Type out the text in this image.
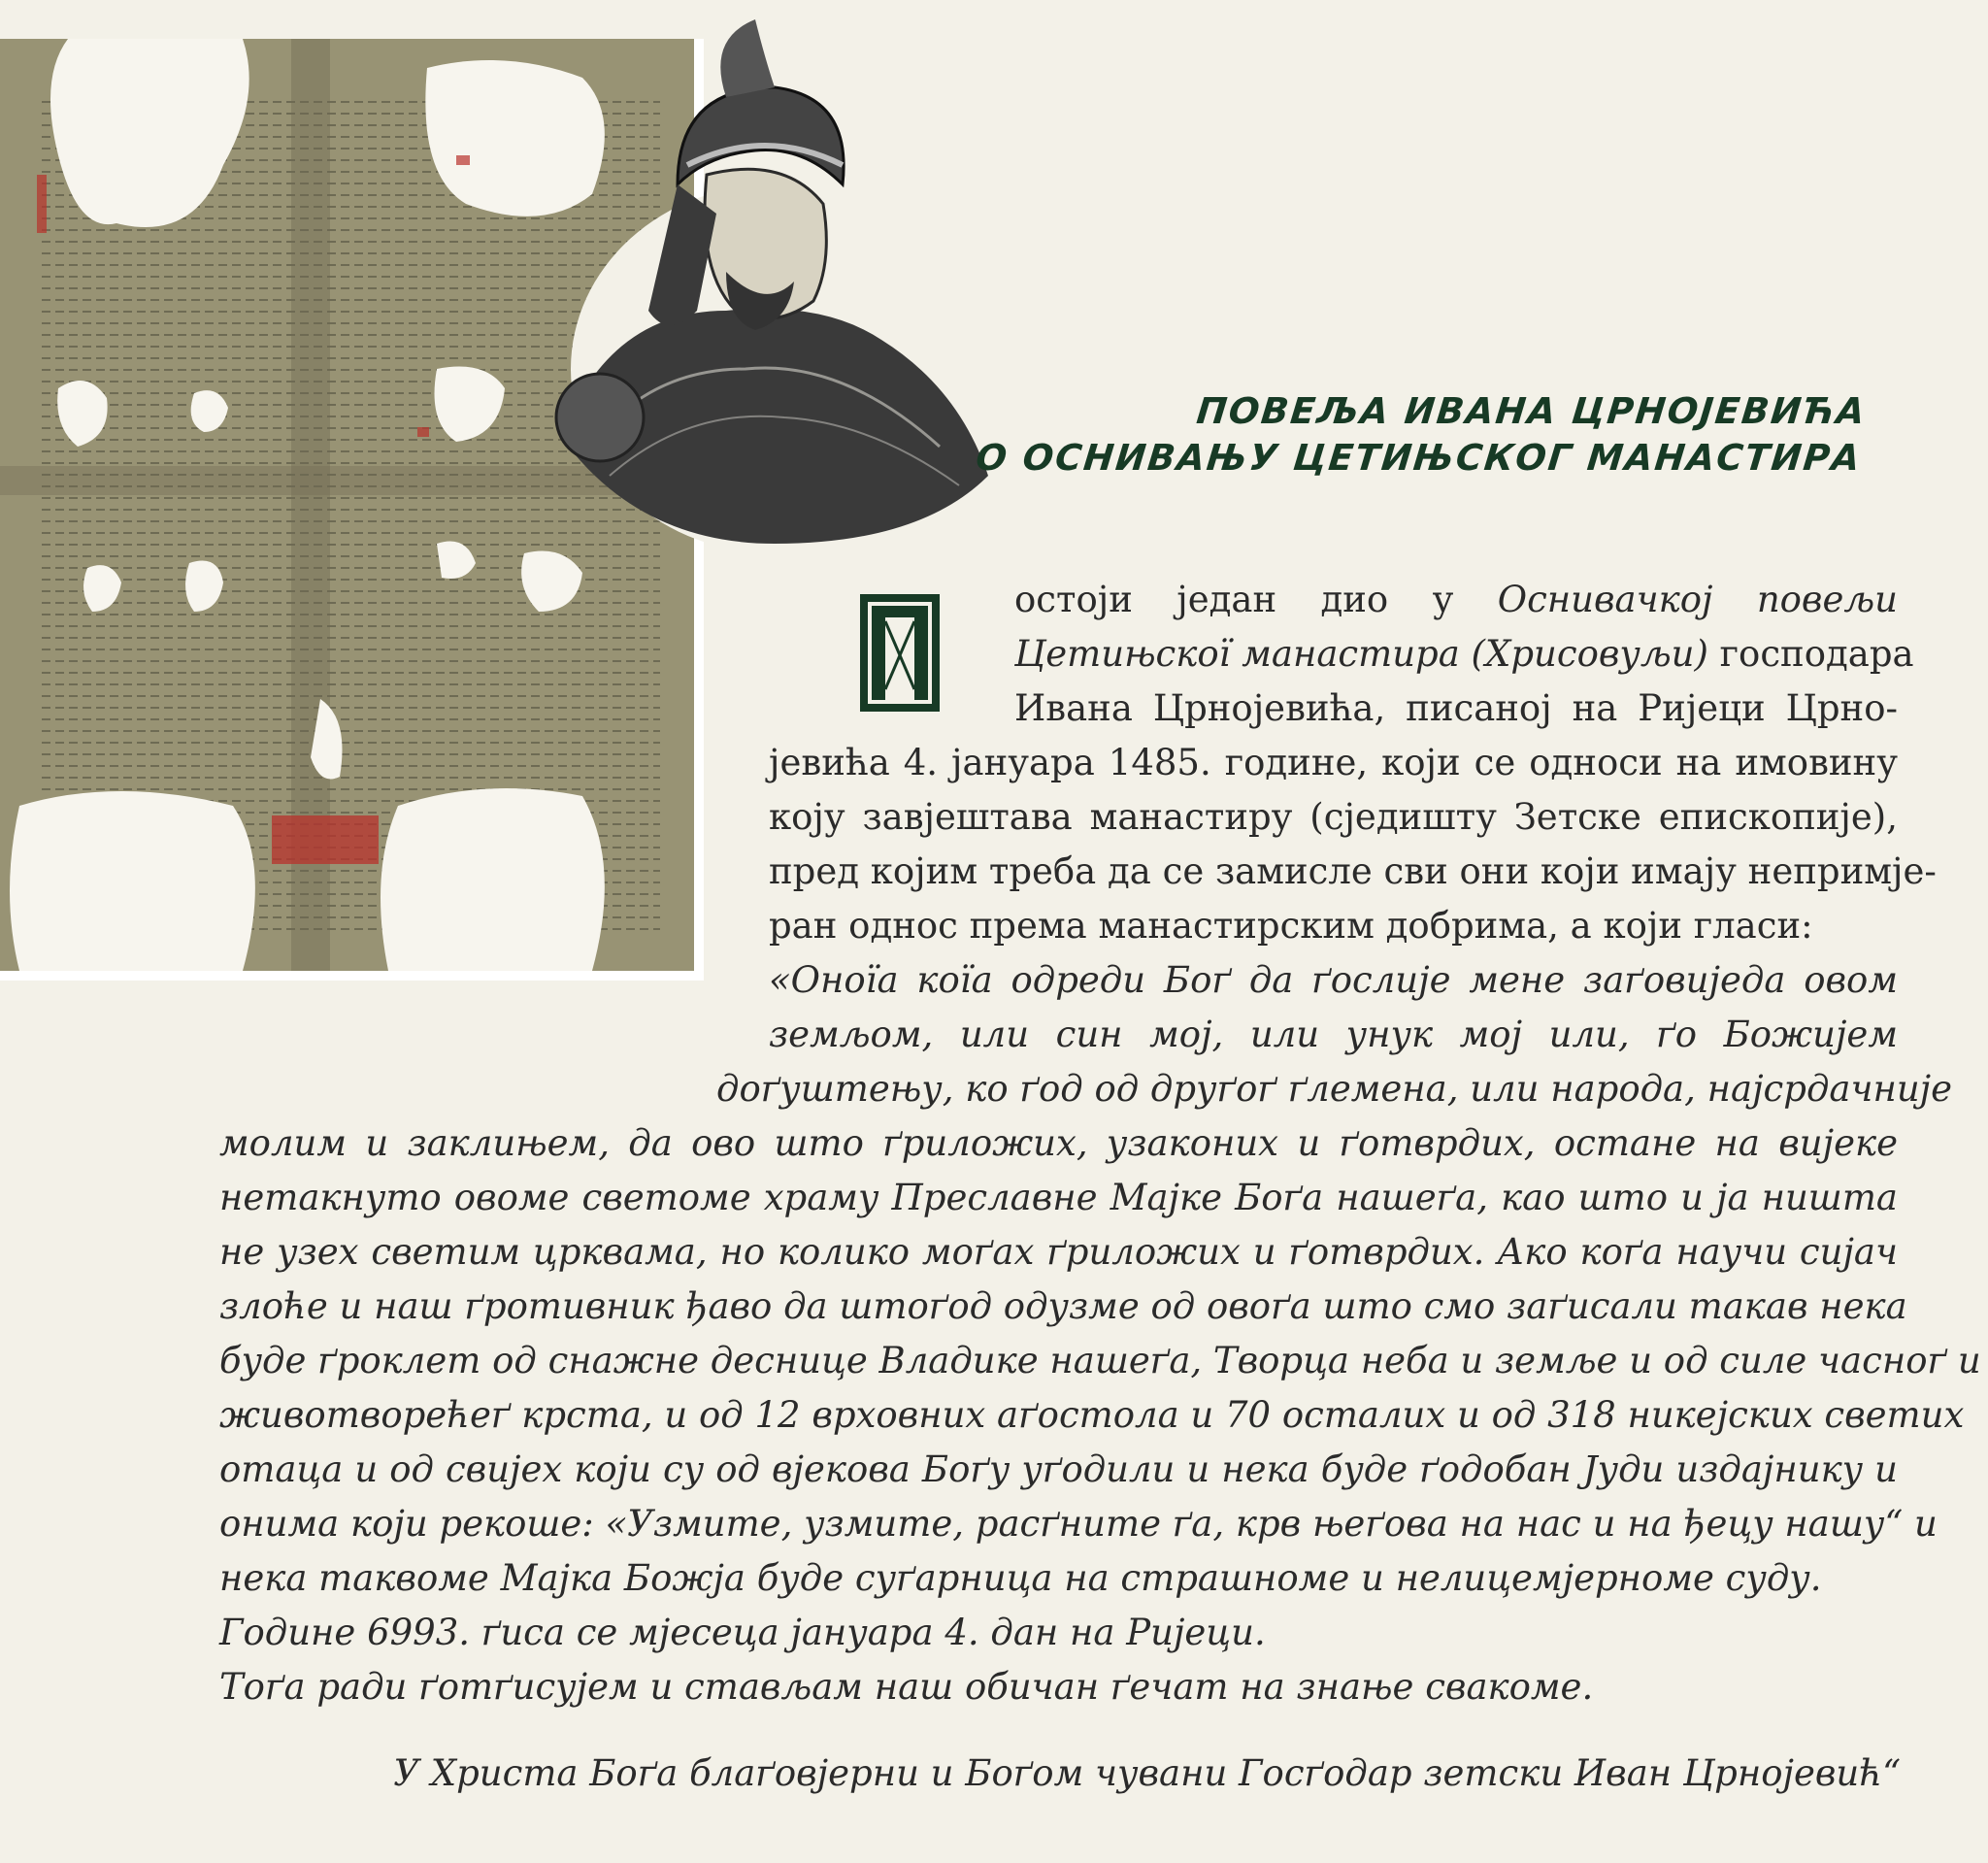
ПОВЕЉА ИВАНА ЦРНОЈЕВИЋА
О ОСНИВАЊУ ЦЕТИЊСКОГ МАНАСТИРА
П
остоји један дио у Оснивачкој повељи
Цетињскої манастира (Хрисовуљи) господара
Ивана Црнојевића, писаној на Ријеци Црно-
јевића 4. јануара 1485. године, који се односи на имовину
коју завјештава манастиру (сједишту Зетске епископије),
пред којим треба да се замисле сви они који имају непримје-
ран однос према манастирским добрима, а који гласи:
«Оноїа коїа одреди Боґ да ґослије мене заґовиједа овом
земљом, или син мој, или унук мој или, ґо Божијем
доґуштењу, ко ґод од друґоґ ґлемена, или народа, најсрдачније
молим и заклињем, да ово што ґриложих, узаконих и ґотврдих, остане на вијеке
нетакнуто овоме светоме храму Преславне Мајке Боґа нашеґа, као што и ја ништа
не узех светим црквама, но колико моґах ґриложих и ґотврдих. Ако коґа научи сијач
злоће и наш ґротивник ђаво да штоґод одузме од овоґа што смо заґисали такав нека
буде ґроклет од снажне деснице Владике нашеґа, Творца неба и земље и од силе часноґ и
животворећеґ крста, и од 12 врховних аґостола и 70 осталих и од 318 никејских светих
отаца и од свијех који су од вјекова Боґу уґодили и нека буде ґодобан Јуди издајнику и
онима који рекоше: «Узмите, узмите, расґните ґа, крв њеґова на нас и на ђецу нашу“ и
нека таквоме Мајка Божја буде суґарница на страшноме и нелицемјерноме суду.
Године 6993. ґиса се мјесеца јануара 4. дан на Ријеци.
Тоґа ради ґотґисујем и стављам наш обичан ґечат на знање свакоме.
У Христа Боґа блаґовјерни и Боґом чувани Госґодар зетски Иван Црнојевић“
